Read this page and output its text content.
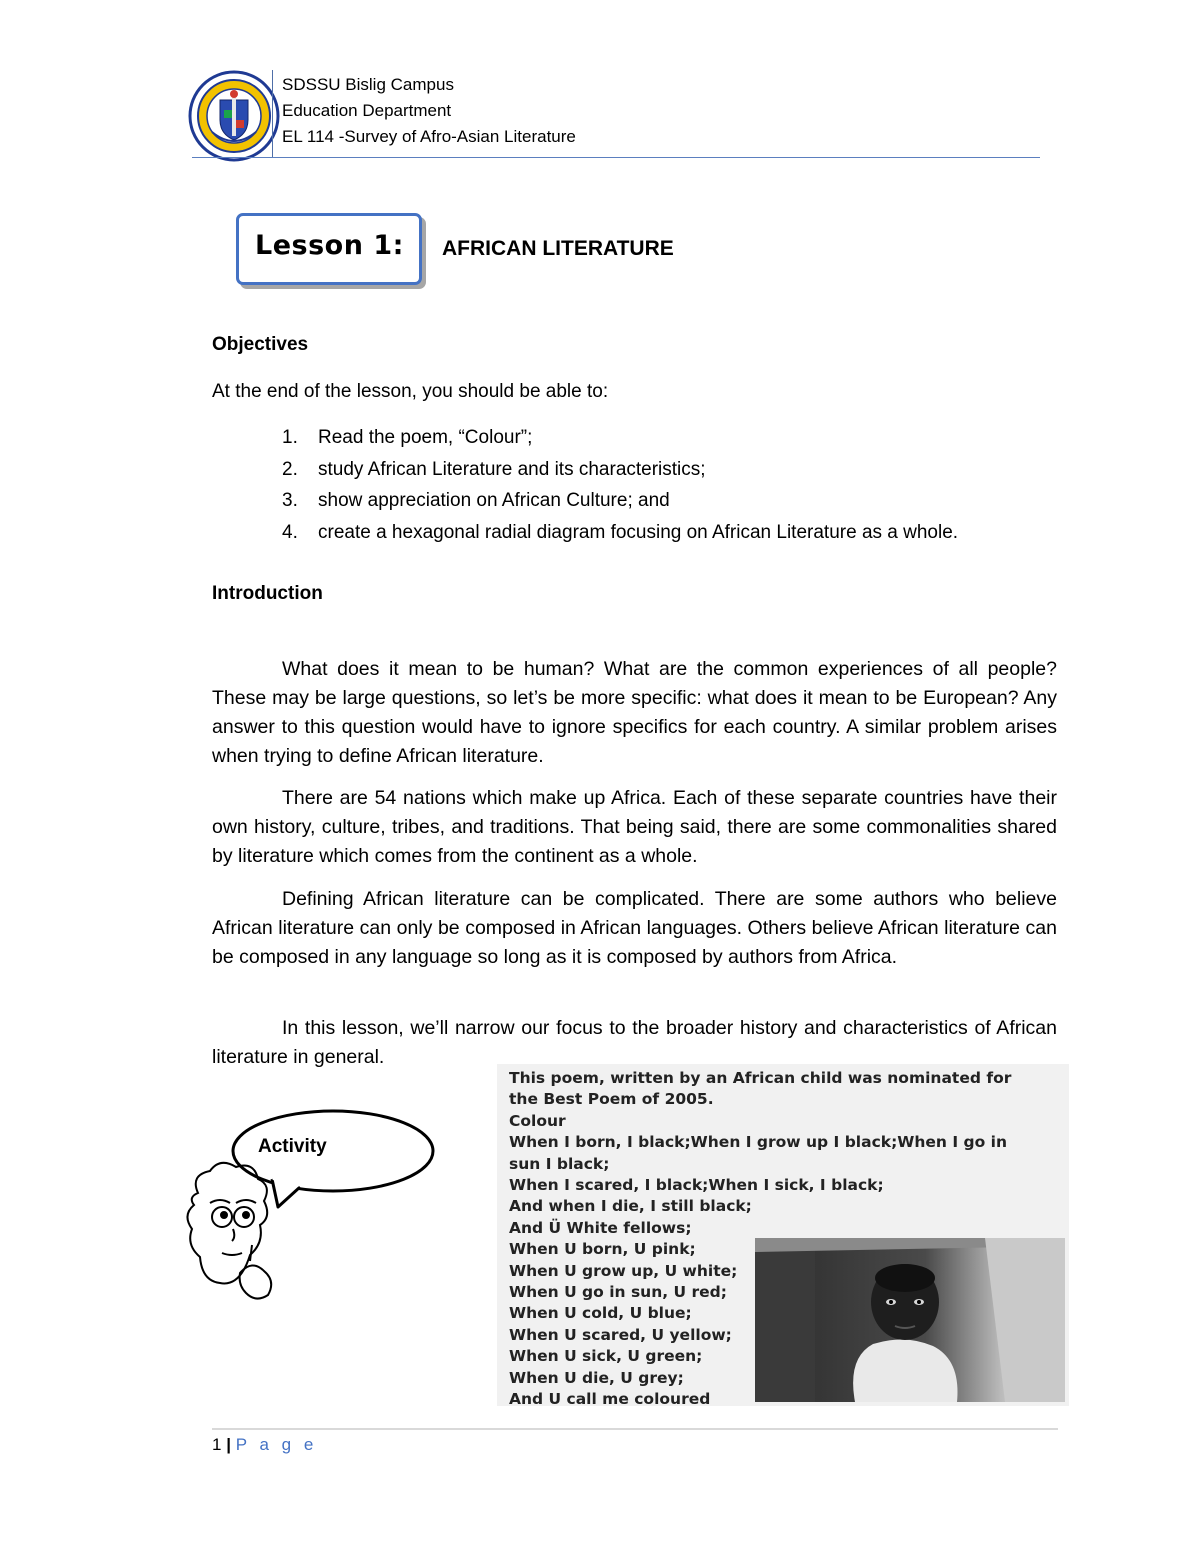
SDSSU Bislig Campus
Education Department
EL 114 -Survey of Afro-Asian Literature
Lesson 1: AFRICAN LITERATURE
Objectives
At the end of the lesson, you should be able to:
1. Read the poem, “Colour”;
2. study African Literature and its characteristics;
3. show appreciation on African Culture; and
4. create a hexagonal radial diagram focusing on African Literature as a whole.
Introduction

What does it mean to be human? What are the common experiences of all people? These may be large questions, so let’s be more specific: what does it mean to be European? Any answer to this question would have to ignore specifics for each country. A similar problem arises when trying to define African literature.

There are 54 nations which make up Africa. Each of these separate countries have their own history, culture, tribes, and traditions. That being said, there are some commonalities shared by literature which comes from the continent as a whole.

Defining African literature can be complicated. There are some authors who believe African literature can only be composed in African languages. Others believe African literature can be composed in any language so long as it is composed by authors from Africa.

In this lesson, we’ll narrow our focus to the broader history and characteristics of African literature in general.

Activity
This poem, written by an African child was nominated for
the Best Poem of 2005.
Colour
When I born, I black;When I grow up I black;When I go in
sun I black;
When I scared, I black;When I sick, I black;
And when I die, I still black;
And Ü White fellows;
When U born, U pink;
When U grow up, U white;
When U go in sun, U red;
When U cold, U blue;
When U scared, U yellow;
When U sick, U green;
When U die, U grey;
And U call me coloured
1 | P a g e
